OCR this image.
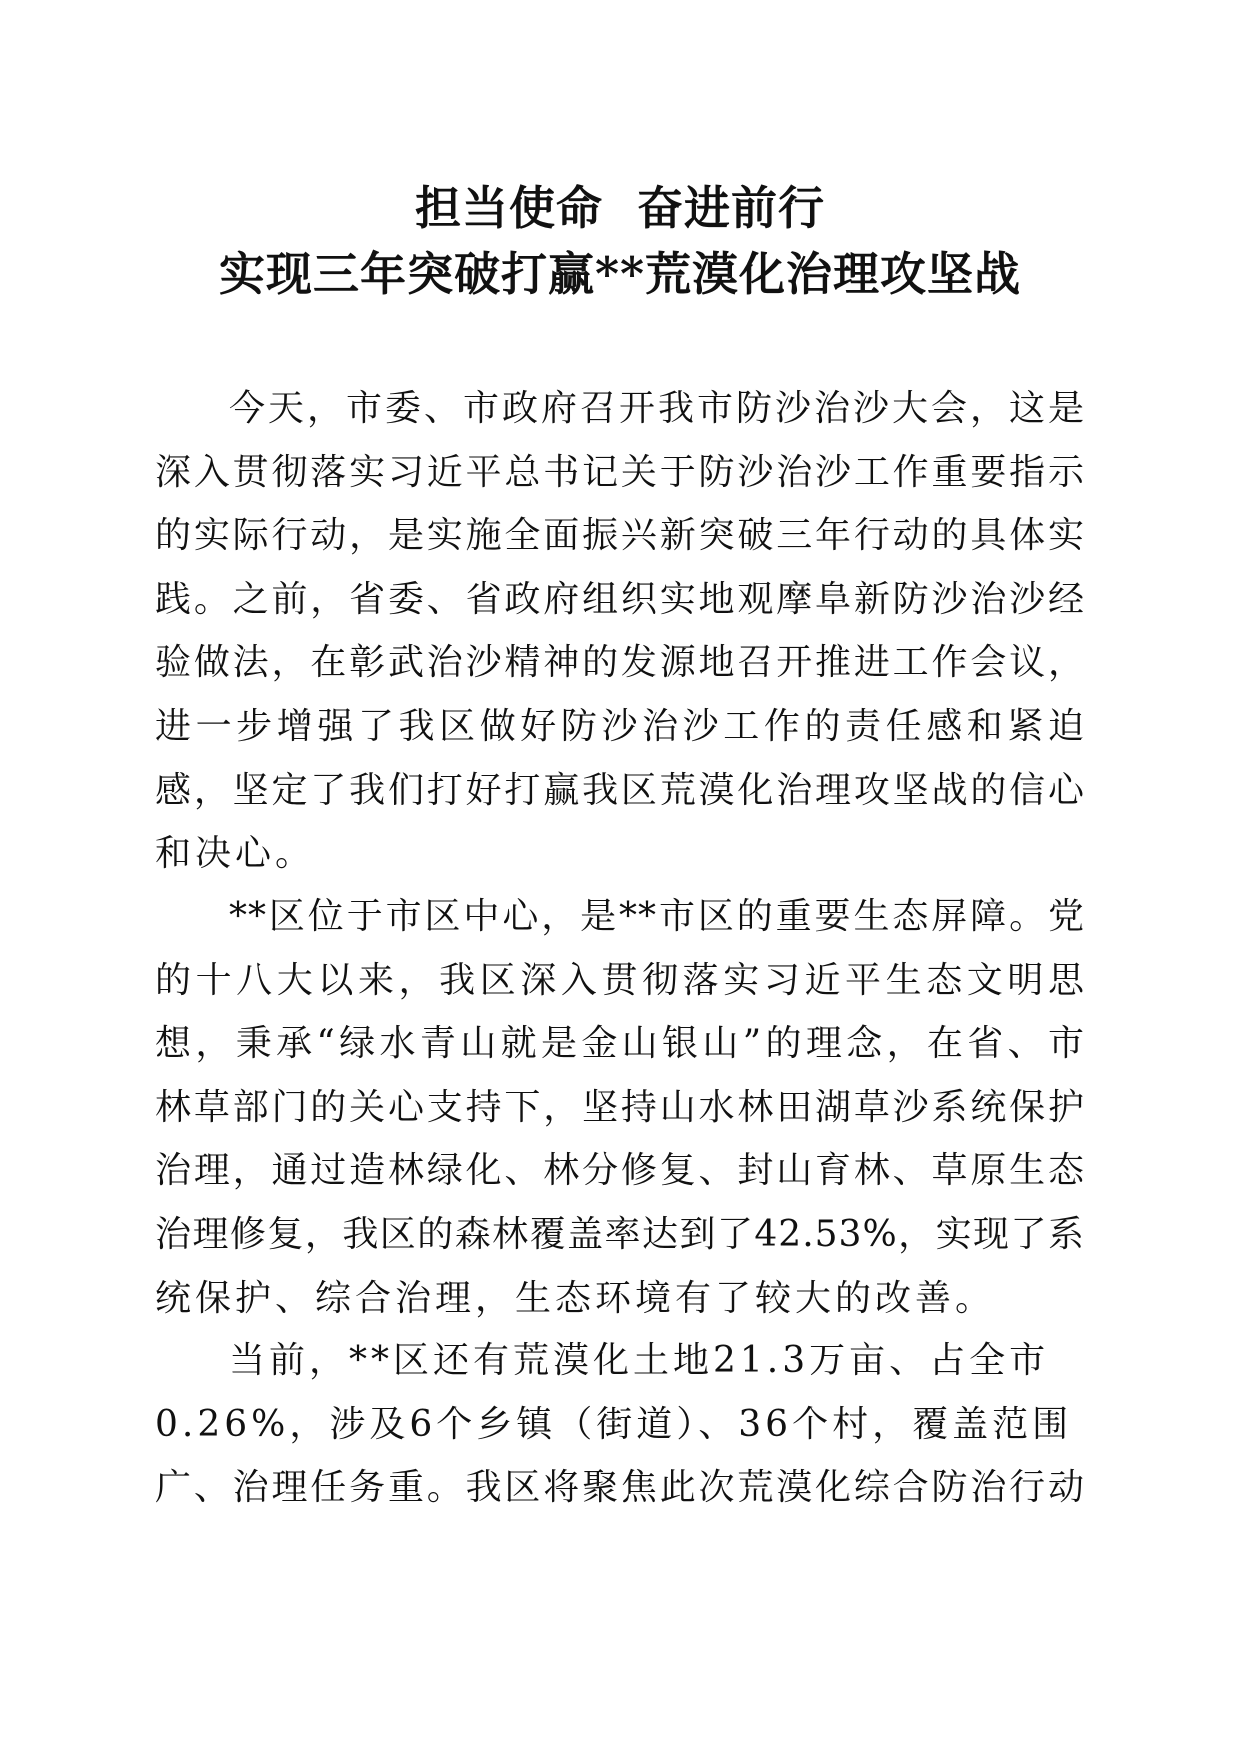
担当使命  奋进前行
实现三年突破打赢**荒漠化治理攻坚战
今天，市委、市政府召开我市防沙治沙大会，这是
深入贯彻落实习近平总书记关于防沙治沙工作重要指示
的实际行动，是实施全面振兴新突破三年行动的具体实
践。之前，省委、省政府组织实地观摩阜新防沙治沙经
验做法，在彰武治沙精神的发源地召开推进工作会议，
进一步增强了我区做好防沙治沙工作的责任感和紧迫
感，坚定了我们打好打赢我区荒漠化治理攻坚战的信心
和决心。
**区位于市区中心，是**市区的重要生态屏障。党
的十八大以来，我区深入贯彻落实习近平生态文明思
想，秉承“绿水青山就是金山银山”的理念，在省、市
林草部门的关心支持下，坚持山水林田湖草沙系统保护
治理，通过造林绿化、林分修复、封山育林、草原生态
治理修复，我区的森林覆盖率达到了42.53%，实现了系
统保护、综合治理，生态环境有了较大的改善。
当前，**区还有荒漠化土地21.3万亩、占全市
0.26%，涉及6个乡镇（街道）、36个村，覆盖范围
广、治理任务重。我区将聚焦此次荒漠化综合防治行动
